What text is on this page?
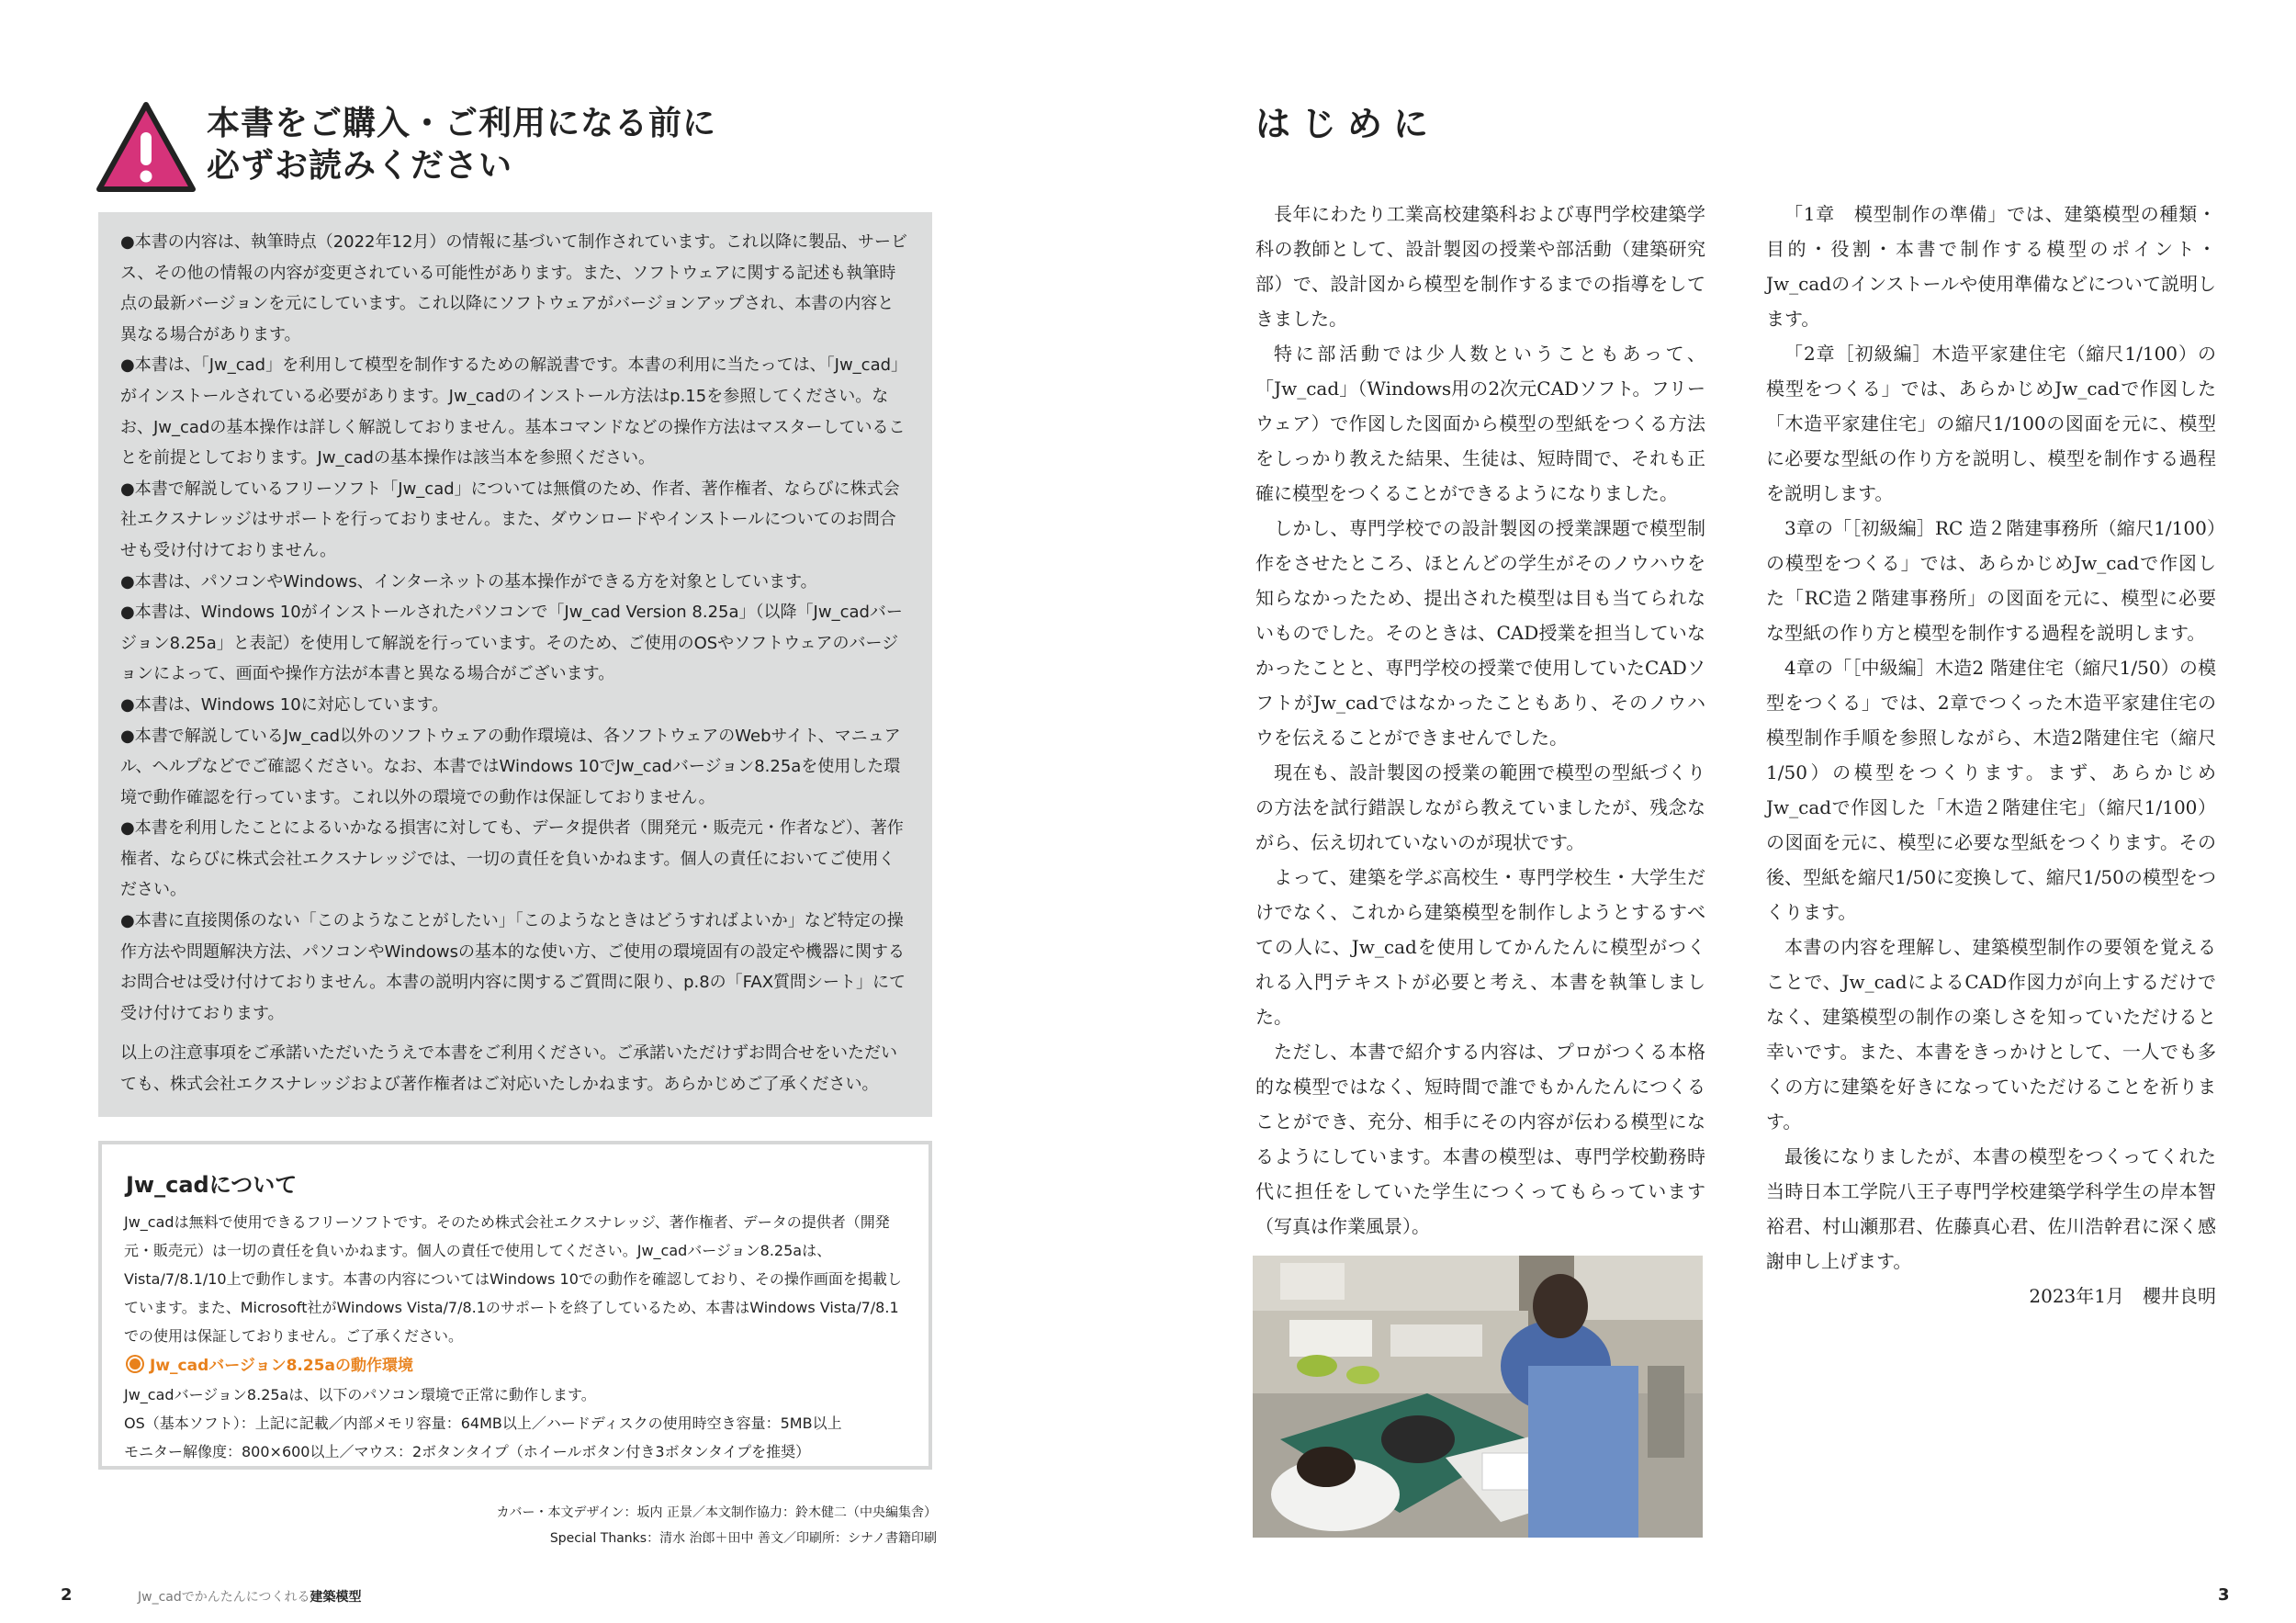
本書をご購入・ご利用になる前に
必ずお読みください
●本書の内容は、執筆時点（2022年12月）の情報に基づいて制作されています。これ以降に製品、サービス、その他の情報の内容が変更されている可能性があります。また、ソフトウェアに関する記述も執筆時点の最新バージョンを元にしています。これ以降にソフトウェアがバージョンアップされ、本書の内容と異なる場合があります。
●本書は、「Jw_cad」を利用して模型を制作するための解説書です。本書の利用に当たっては、「Jw_cad」がインストールされている必要があります。Jw_cadのインストール方法はp.15を参照してください。なお、Jw_cadの基本操作は詳しく解説しておりません。基本コマンドなどの操作方法はマスターしていることを前提としております。Jw_cadの基本操作は該当本を参照ください。
●本書で解説しているフリーソフト「Jw_cad」については無償のため、作者、著作権者、ならびに株式会社エクスナレッジはサポートを行っておりません。また、ダウンロードやインストールについてのお問合せも受け付けておりません。
●本書は、パソコンやWindows、インターネットの基本操作ができる方を対象としています。
●本書は、Windows 10がインストールされたパソコンで「Jw_cad Version 8.25a」（以降「Jw_cadバージョン8.25a」と表記）を使用して解説を行っています。そのため、ご使用のOSやソフトウェアのバージョンによって、画面や操作方法が本書と異なる場合がございます。
●本書は、Windows 10に対応しています。
●本書で解説しているJw_cad以外のソフトウェアの動作環境は、各ソフトウェアのWebサイト、マニュアル、ヘルプなどでご確認ください。なお、本書ではWindows 10でJw_cadバージョン8.25aを使用した環境で動作確認を行っています。これ以外の環境での動作は保証しておりません。
●本書を利用したことによるいかなる損害に対しても、データ提供者（開発元・販売元・作者など）、著作権者、ならびに株式会社エクスナレッジでは、一切の責任を負いかねます。個人の責任においてご使用ください。
●本書に直接関係のない「このようなことがしたい」「このようなときはどうすればよいか」など特定の操作方法や問題解決方法、パソコンやWindowsの基本的な使い方、ご使用の環境固有の設定や機器に関するお問合せは受け付けておりません。本書の説明内容に関するご質問に限り、p.8の「FAX質問シート」にて受け付けております。
以上の注意事項をご承諾いただいたうえで本書をご利用ください。ご承諾いただけずお問合せをいただいても、株式会社エクスナレッジおよび著作権者はご対応いたしかねます。あらかじめご了承ください。
Jw_cadについて
Jw_cadは無料で使用できるフリーソフトです。そのため株式会社エクスナレッジ、著作権者、データの提供者（開発元・販売元）は一切の責任を負いかねます。個人の責任で使用してください。Jw_cadバージョン8.25aは、Vista/7/8.1/10上で動作します。本書の内容についてはWindows 10での動作を確認しており、その操作画面を掲載しています。また、Microsoft社がWindows Vista/7/8.1のサポートを終了しているため、本書はWindows Vista/7/8.1での使用は保証しておりません。ご了承ください。
Jw_cadバージョン8.25aの動作環境
Jw_cadバージョン8.25aは、以下のパソコン環境で正常に動作します。
OS（基本ソフト）：上記に記載／内部メモリ容量：64MB以上／ハードディスクの使用時空き容量：5MB以上
モニター解像度：800×600以上／マウス：2ボタンタイプ（ホイールボタン付き3ボタンタイプを推奨）
カバー・本文デザイン：坂内 正景／本文制作協力：鈴木健二（中央編集舎）
Special Thanks：清水 治郎＋田中 善文／印刷所：シナノ書籍印刷
2	Jw_cadでかんたんにつくれる建築模型
はじめに

長年にわたり工業高校建築科および専門学校建築学科の教師として、設計製図の授業や部活動（建築研究部）で、設計図から模型を制作するまでの指導をしてきました。

特に部活動では少人数ということもあって、「Jw_cad」（Windows用の2次元CADソフト。フリーウェア）で作図した図面から模型の型紙をつくる方法をしっかり教えた結果、生徒は、短時間で、それも正確に模型をつくることができるようになりました。

しかし、専門学校での設計製図の授業課題で模型制作をさせたところ、ほとんどの学生がそのノウハウを知らなかったため、提出された模型は目も当てられないものでした。そのときは、CAD授業を担当していなかったことと、専門学校の授業で使用していたCADソフトがJw_cadではなかったこともあり、そのノウハウを伝えることができませんでした。

現在も、設計製図の授業の範囲で模型の型紙づくりの方法を試行錯誤しながら教えていましたが、残念ながら、伝え切れていないのが現状です。

よって、建築を学ぶ高校生・専門学校生・大学生だけでなく、これから建築模型を制作しようとするすべての人に、Jw_cadを使用してかんたんに模型がつくれる入門テキストが必要と考え、本書を執筆しました。

ただし、本書で紹介する内容は、プロがつくる本格的な模型ではなく、短時間で誰でもかんたんにつくることができ、充分、相手にその内容が伝わる模型になるようにしています。本書の模型は、専門学校勤務時代に担任をしていた学生につくってもらっています（写真は作業風景）。

「1章　模型制作の準備」では、建築模型の種類・目的・役割・本書で制作する模型のポイント・Jw_cadのインストールや使用準備などについて説明します。

「2章［初級編］木造平家建住宅（縮尺1/100）の模型をつくる」では、あらかじめJw_cadで作図した「木造平家建住宅」の縮尺1/100の図面を元に、模型に必要な型紙の作り方を説明し、模型を制作する過程を説明します。

3章の「［初級編］RC 造２階建事務所（縮尺1/100）の模型をつくる」では、あらかじめJw_cadで作図した「RC造２階建事務所」の図面を元に、模型に必要な型紙の作り方と模型を制作する過程を説明します。

4章の「［中級編］木造2 階建住宅（縮尺1/50）の模型をつくる」では、2章でつくった木造平家建住宅の模型制作手順を参照しながら、木造2階建住宅（縮尺1/50）の模型をつくります。まず、あらかじめJw_cadで作図した「木造２階建住宅」（縮尺1/100）の図面を元に、模型に必要な型紙をつくります。その後、型紙を縮尺1/50に変換して、縮尺1/50の模型をつくります。

本書の内容を理解し、建築模型制作の要領を覚えることで、Jw_cadによるCAD作図力が向上するだけでなく、建築模型の制作の楽しさを知っていただけると幸いです。また、本書をきっかけとして、一人でも多くの方に建築を好きになっていただけることを祈ります。

最後になりましたが、本書の模型をつくってくれた当時日本工学院八王子専門学校建築学科学生の岸本智裕君、村山瀬那君、佐藤真心君、佐川浩幹君に深く感謝申し上げます。

2023年1月　櫻井良明

3
